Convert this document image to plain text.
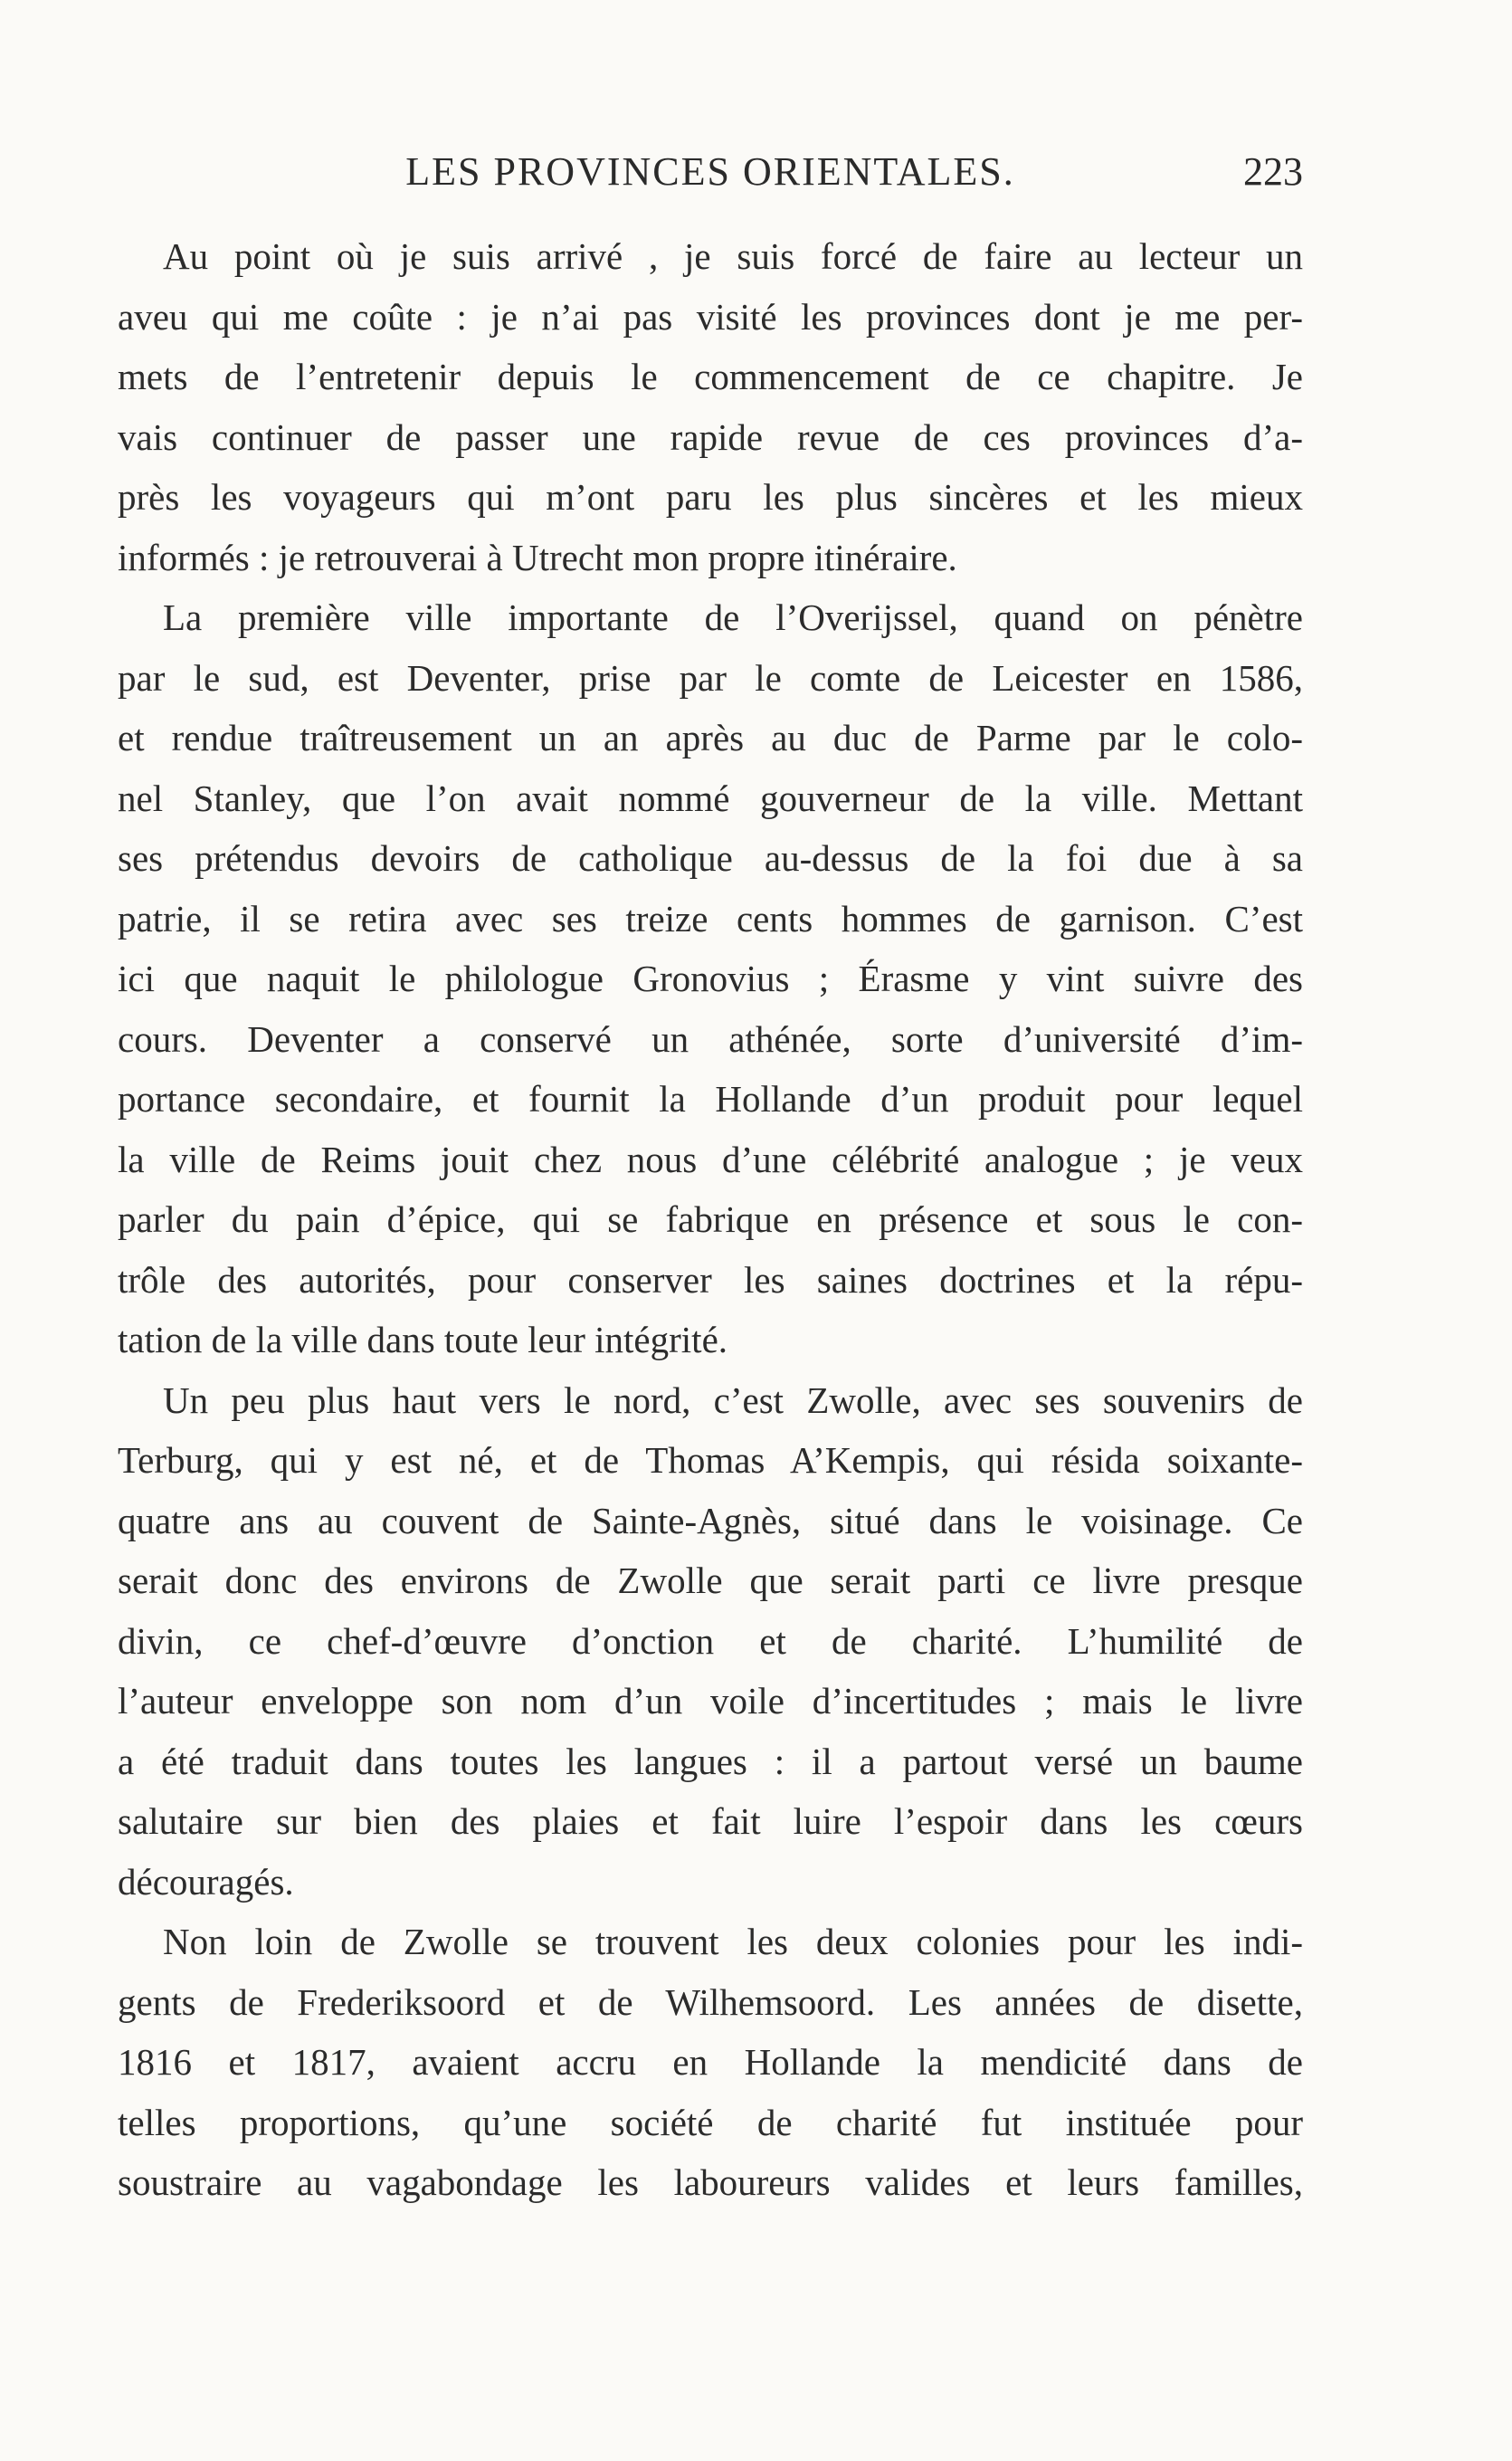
LES PROVINCES ORIENTALES.	223
Au point où je suis arrivé , je suis forcé de faire au lecteur un
aveu qui me coûte : je n’ai pas visité les provinces dont je me per-
mets de l’entretenir depuis le commencement de ce chapitre. Je
vais continuer de passer une rapide revue de ces provinces d’a-
près les voyageurs qui m’ont paru les plus sincères et les mieux
informés : je retrouverai à Utrecht mon propre itinéraire.
La première ville importante de l’Overijssel, quand on pénètre
par le sud, est Deventer, prise par le comte de Leicester en 1586,
et rendue traîtreusement un an après au duc de Parme par le colo-
nel Stanley, que l’on avait nommé gouverneur de la ville. Mettant
ses prétendus devoirs de catholique au-dessus de la foi due à sa
patrie, il se retira avec ses treize cents hommes de garnison. C’est
ici que naquit le philologue Gronovius ; Érasme y vint suivre des
cours. Deventer a conservé un athénée, sorte d’université d’im-
portance secondaire, et fournit la Hollande d’un produit pour lequel
la ville de Reims jouit chez nous d’une célébrité analogue ; je veux
parler du pain d’épice, qui se fabrique en présence et sous le con-
trôle des autorités, pour conserver les saines doctrines et la répu-
tation de la ville dans toute leur intégrité.
Un peu plus haut vers le nord, c’est Zwolle, avec ses souvenirs de
Terburg, qui y est né, et de Thomas A’Kempis, qui résida soixante-
quatre ans au couvent de Sainte-Agnès, situé dans le voisinage. Ce
serait donc des environs de Zwolle que serait parti ce livre presque
divin, ce chef-d’œuvre d’onction et de charité. L’humilité de
l’auteur enveloppe son nom d’un voile d’incertitudes ; mais le livre
a été traduit dans toutes les langues : il a partout versé un baume
salutaire sur bien des plaies et fait luire l’espoir dans les cœurs
découragés.
Non loin de Zwolle se trouvent les deux colonies pour les indi-
gents de Frederiksoord et de Wilhemsoord. Les années de disette,
1816 et 1817, avaient accru en Hollande la mendicité dans de
telles proportions, qu’une société de charité fut instituée pour
soustraire au vagabondage les laboureurs valides et leurs familles,
